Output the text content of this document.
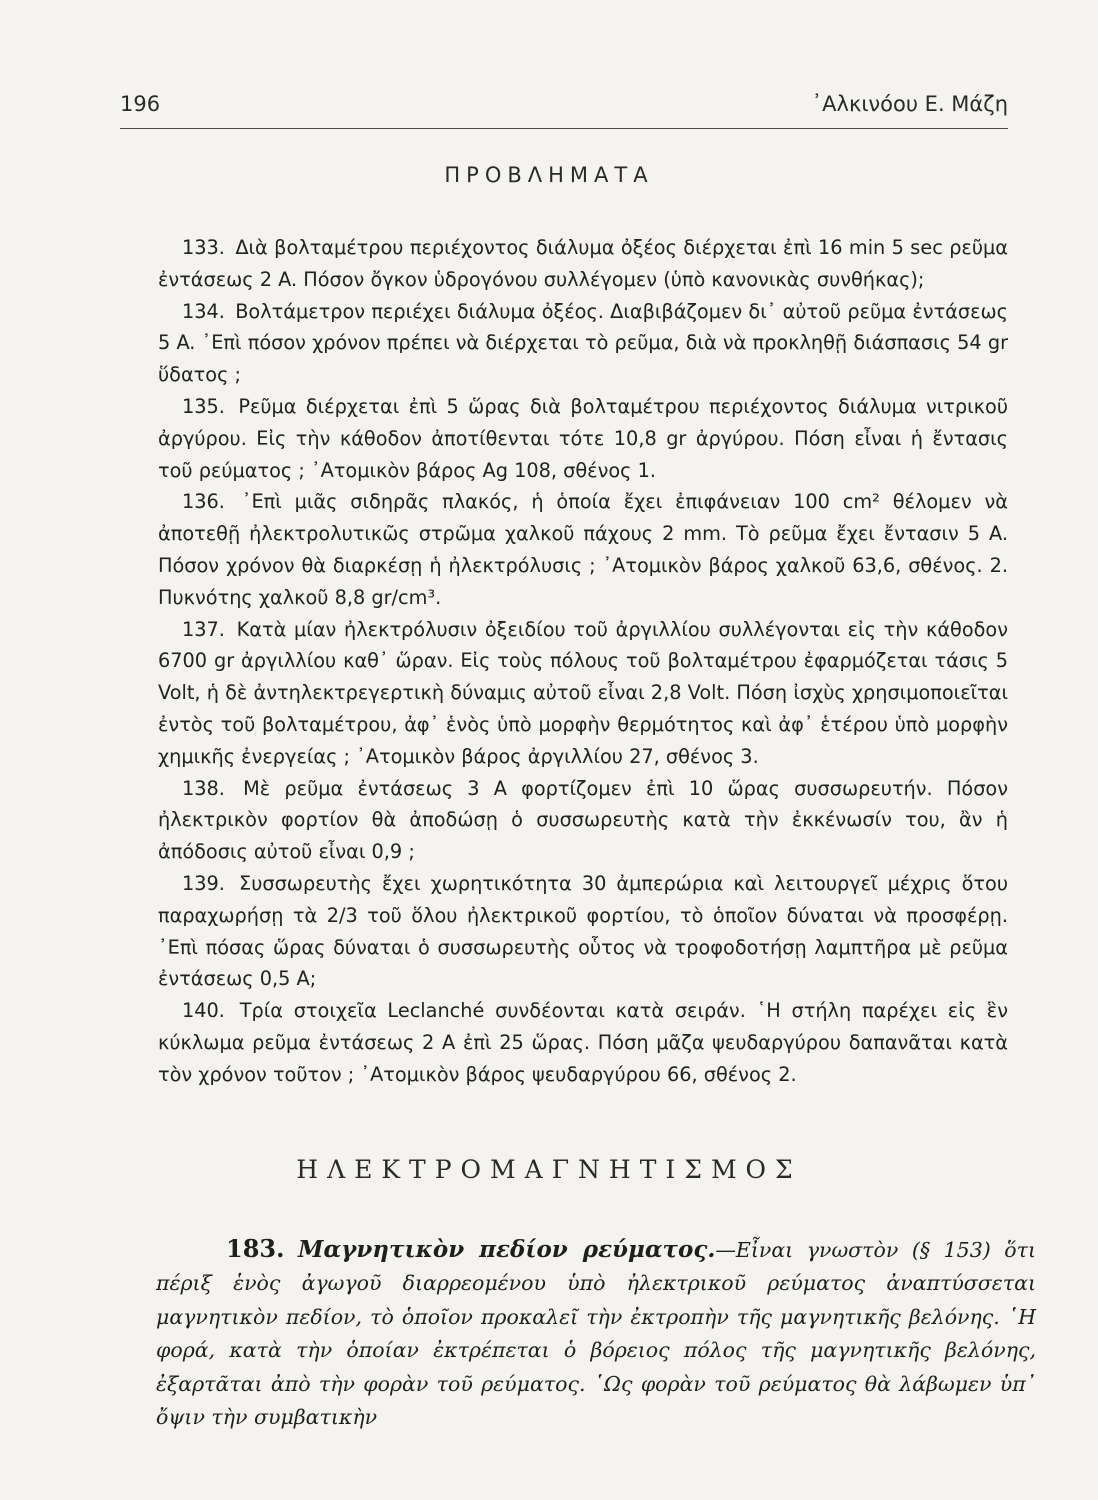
196	᾿Αλκινόου Ε. Μάζη
ΠΡΟΒΛΗΜΑΤΑ

133. Διὰ βολταμέτρου περιέχοντος διάλυμα ὀξέος διέρχεται ἐπὶ 16 min 5 sec ρεῦμα ἐντάσεως 2 A. Πόσον ὄγκον ὑδρογόνου συλλέγομεν (ὑπὸ κανονικὰς συνθήκας);

134. Βολτάμετρον περιέχει διάλυμα ὀξέος. Διαβιβάζομεν δι᾿ αὐτοῦ ρεῦμα ἐντάσεως 5 A. ᾿Επὶ πόσον χρόνον πρέπει νὰ διέρχεται τὸ ρεῦμα, διὰ νὰ προκληθῇ διάσπασις 54 gr ὕδατος ;

135. Ρεῦμα διέρχεται ἐπὶ 5 ὥρας διὰ βολταμέτρου περιέχοντος διάλυμα νιτρικοῦ ἀργύρου. Εἰς τὴν κάθοδον ἀποτίθενται τότε 10,8 gr ἀργύρου. Πόση εἶναι ἡ ἔντασις τοῦ ρεύματος ; ᾿Ατομικὸν βάρος Ag 108, σθένος 1.

136. ᾿Επὶ μιᾶς σιδηρᾶς πλακός, ἡ ὁποία ἔχει ἐπιφάνειαν 100 cm² θέλομεν νὰ ἀποτεθῇ ἠλεκτρολυτικῶς στρῶμα χαλκοῦ πάχους 2 mm. Τὸ ρεῦμα ἔχει ἔντασιν 5 A. Πόσον χρόνον θὰ διαρκέσῃ ἡ ἠλεκτρόλυσις ; ᾿Ατομικὸν βάρος χαλκοῦ 63,6, σθένος. 2. Πυκνότης χαλκοῦ 8,8 gr/cm³.

137. Κατὰ μίαν ἠλεκτρόλυσιν ὀξειδίου τοῦ ἀργιλλίου συλλέγονται εἰς τὴν κάθοδον 6700 gr ἀργιλλίου καθ᾿ ὥραν. Εἰς τοὺς πόλους τοῦ βολταμέτρου ἐφαρμόζεται τάσις 5 Volt, ἡ δὲ ἀντηλεκτρεγερτικὴ δύναμις αὐτοῦ εἶναι 2,8 Volt. Πόση ἰσχὺς χρησιμοποιεῖται ἐντὸς τοῦ βολταμέτρου, ἀφ᾿ ἑνὸς ὑπὸ μορφὴν θερμότητος καὶ ἀφ᾿ ἑτέρου ὑπὸ μορφὴν χημικῆς ἐνεργείας ; ᾿Ατομικὸν βάρος ἀργιλλίου 27, σθένος 3.

138. Μὲ ρεῦμα ἐντάσεως 3 A φορτίζομεν ἐπὶ 10 ὥρας συσσωρευτήν. Πόσον ἠλεκτρικὸν φορτίον θὰ ἀποδώσῃ ὁ συσσωρευτὴς κατὰ τὴν ἐκκένωσίν του, ἂν ἡ ἀπόδοσις αὐτοῦ εἶναι 0,9 ;

139. Συσσωρευτὴς ἔχει χωρητικότητα 30 ἀμπερώρια καὶ λειτουργεῖ μέχρις ὅτου παραχωρήσῃ τὰ 2/3 τοῦ ὅλου ἠλεκτρικοῦ φορτίου, τὸ ὁποῖον δύναται νὰ προσφέρῃ. ᾿Επὶ πόσας ὥρας δύναται ὁ συσσωρευτὴς οὗτος νὰ τροφοδοτήσῃ λαμπτῆρα μὲ ρεῦμα ἐντάσεως 0,5 A;

140. Τρία στοιχεῖα Leclanché συνδέονται κατὰ σειράν. ῾Η στήλη παρέχει εἰς ἓν κύκλωμα ρεῦμα ἐντάσεως 2 A ἐπὶ 25 ὥρας. Πόση μᾶζα ψευδαργύρου δαπανᾶται κατὰ τὸν χρόνον τοῦτον ; ᾿Ατομικὸν βάρος ψευδαργύρου 66, σθένος 2.

ΗΛΕΚΤΡΟΜΑΓΝΗΤΙΣΜΟΣ

183. Μαγνητικὸν πεδίον ρεύματος.—Εἶναι γνωστὸν (§ 153) ὅτι πέριξ ἑνὸς ἀγωγοῦ διαρρεομένου ὑπὸ ἠλεκτρικοῦ ρεύματος ἀναπτύσσεται μαγνητικὸν πεδίον, τὸ ὁποῖον προκαλεῖ τὴν ἐκτροπὴν τῆς μαγνητικῆς βελόνης. ῾Η φορά, κατὰ τὴν ὁποίαν ἐκτρέπεται ὁ βόρειος πόλος τῆς μαγνητικῆς βελόνης, ἐξαρτᾶται ἀπὸ τὴν φορὰν τοῦ ρεύματος. ῾Ως φορὰν τοῦ ρεύματος θὰ λάβωμεν ὑπ᾿ ὄψιν τὴν συμβατικὴν
